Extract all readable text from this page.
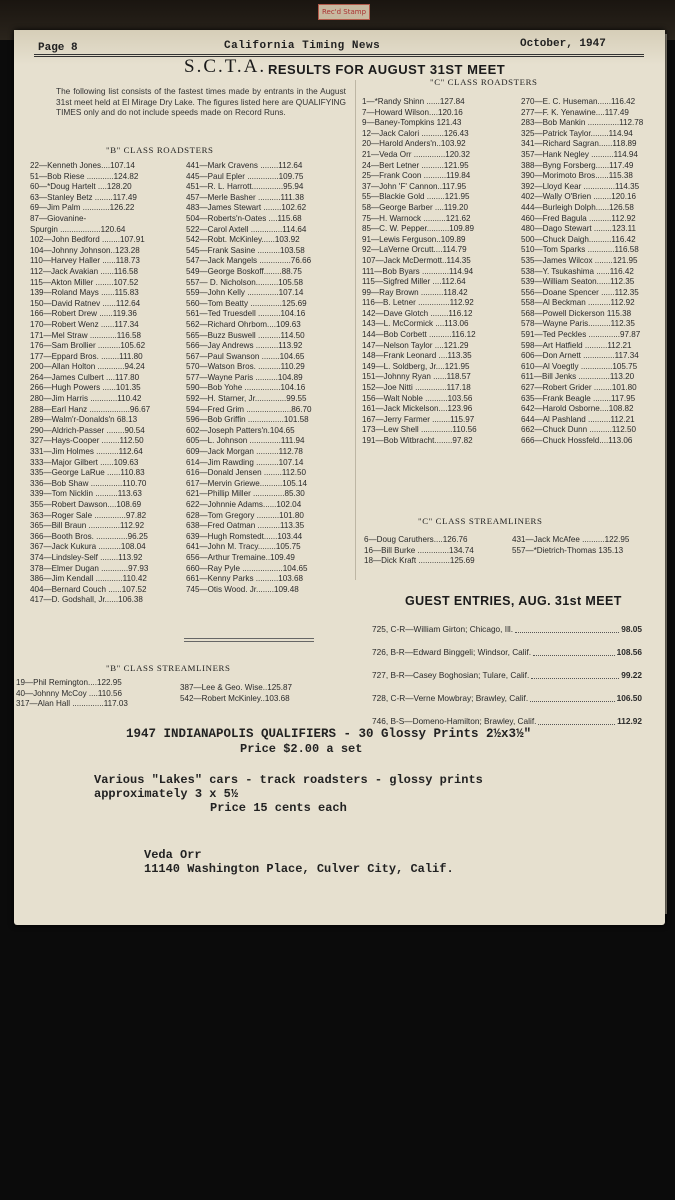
Rec'd Stamp
Page 8	California Timing News	October, 1947
S.C.T.A. RESULTS FOR AUGUST 31ST MEET
The following list consists of the fastest times made by entrants in the August 31st meet held at El Mirage Dry Lake. The figures listed here are QUALIFYING TIMES only and do not include speeds made on Record Runs.
"B" CLASS ROADSTERS
22—Kenneth Jones....107.14
51—Bob Riese ............124.82
60—*Doug Hartelt ....128.20
63—Stanley Betz ........117.49
69—Jim Palm ............126.22
87—Giovanine-
Spurgin ..................120.64
102—John Bedford ........107.91
104—Johnny Johnson..123.28
110—Harvey Haller ......118.73
112—Jack Avakian ......116.58
115—Akton Miller ........107.52
139—Roland Mays ......115.83
150—David Ratnev ......112.64
166—Robert Drew ......119.36
170—Robert Wenz ......117.34
171—Mel Straw ............116.58
176—Sam Brollier ..........105.62
177—Eppard Bros. ........111.80
200—Allan Holton ............94.24
264—James Culbert ....117.80
266—Hugh Powers ......101.35
280—Jim Harris ............110.42
288—Earl Hanz ..................96.67
289—Walm'r-Donalds'n 68.13
290—Aldrich-Passer ........90.54
327—Hays-Cooper ........112.50
331—Jim Holmes ..........112.64
333—Major Gilbert ......109.63
335—George LaRue ......110.83
336—Bob Shaw ..............110.70
339—Tom Nicklin ..........113.63
355—Robert Dawson....108.69
363—Roger Sale ..............97.82
365—Bill Braun ..............112.92
366—Booth Bros. ..............96.25
367—Jack Kukura ..........108.04
374—Lindsley-Self ........113.92
378—Elmer Dugan ............97.93
386—Jim Kendall ............110.42
404—Bernard Couch ......107.52
417—D. Godshall, Jr......106.38
441—Mark Cravens ........112.64
445—Paul Epler ..............109.75
451—R. L. Harrott..............95.94
457—Merle Basher ..........111.38
483—James Stewart ........102.62
504—Roberts'n-Oates ....115.68
522—Carol Axtell ..............114.64
542—Robt. McKinley......103.92
545—Frank Sasine ..........103.58
547—Jack Mangels ..............76.66
549—George Boskoff........88.75
557— D. Nicholson..........105.58
559—John Kelly ..............107.14
560—Tom Beatty ..............125.69
561—Ted Truesdell ..........104.16
562—Richard Ohrbom....109.63
565—Buzz Buswell ..........114.50
566—Jay Andrews ..........113.92
567—Paul Swanson ........104.65
570—Watson Bros. ..........110.29
577—Wayne Paris ..........104.89
590—Bob Yohe ................104.16
592—H. Starner, Jr..............99.55
594—Fred Grim ....................86.70
596—Bob Griffin ................101.58
602—Joseph Patters'n.104.65
605—L. Johnson ..............111.94
609—Jack Morgan ..........112.78
614—Jim Rawding ..........107.14
616—Donald Jensen ........112.50
617—Mervin Griewe..........105.14
621—Phillip Miller ..............85.30
622—Johnnie Adams......102.04
628—Tom Gregory ..........101.80
638—Fred Oatman ..........113.35
639—Hugh Romstedt......103.44
641—John M. Tracy........105.75
656—Arthur Tremaine..109.49
660—Ray Pyle ..................104.65
661—Kenny Parks ..........103.68
745—Otis Wood. Jr........109.48
"B" CLASS STREAMLINERS
19—Phil Remington....122.95
40—Johnny McCoy ....110.56
317—Alan Hall ..............117.03
387—Lee & Geo. Wise..125.87
542—Robert McKinley..103.68
"C" CLASS ROADSTERS
1—*Randy Shinn ......127.84
7—Howard Wilson....120.16
9—Baney-Tompkins 121.43
12—Jack Calori ..........126.43
20—Harold Anders'n..103.92
21—Veda Orr ..............120.32
24—Bert Letner ..........121.95
25—Frank Coon ..........119.84
37—John 'F' Cannon..117.95
55—Blackie Gold ........121.95
58—George Barber ....119.20
75—H. Warnock ..........121.62
85—C. W. Pepper..........109.89
91—Lewis Ferguson..109.89
92—LaVerne Orcutt....114.79
107—Jack McDermott..114.35
111—Bob Byars ............114.94
115—Sigfred Miller ....112.64
99—Ray Brown ..........118.42
116—B. Letner ..............112.92
142—Dave Glotch ........116.12
143—L. McCormick ....113.06
144—Bob Corbett ..........116.12
147—Nelson Taylor ....121.29
148—Frank Leonard ....113.35
149—L. Soldberg, Jr....121.95
151—Johnny Ryan ......118.57
152—Joe Nitti ..............117.18
156—Walt Noble ..........103.56
161—Jack Mickelson....123.96
167—Jerry Farmer ........115.97
173—Lew Shell ..............110.56
191—Bob Witbracht........97.82
270—E. C. Huseman......116.42
277—F. K. Yenawine....117.49
283—Bob Mankin ..............112.78
325—Patrick Taylor........114.94
341—Richard Sagran......118.89
357—Hank Negley ..........114.94
388—Byng Forsberg......117.49
390—Morimoto Bros......115.38
392—Lloyd Kear ..............114.35
402—Wally O'Brien ........120.16
444—Burleigh Dolph......126.58
460—Fred Bagula ..........112.92
480—Dago Stewart ........123.11
500—Chuck Daigh..........116.42
510—Tom Sparks ............116.58
535—James Wilcox ........121.95
538—Y. Tsukashima ......116.42
539—William Seaton......112.35
556—Doane Spencer ......112.35
558—Al Beckman ..........112.92
568—Powell Dickerson 115.38
578—Wayne Paris..........112.35
591—Ted Peckles ..............97.87
598—Art Hatfield ..........112.21
606—Don Arnett ..............117.34
610—Al Voegtly ..............105.75
611—Bill Jenks ..............113.20
627—Robert Grider ........101.80
635—Frank Beagle ........117.95
642—Harold Osborne....108.82
644—Al Pashland ..........112.21
662—Chuck Dunn ..........112.50
666—Chuck Hossfeld....113.06
"C" CLASS STREAMLINERS
6—Doug Caruthers....126.76
16—Bill Burke ..............134.74
18—Dick Kraft ..............125.69
431—Jack McAfee ..........122.95
557—*Dietrich-Thomas 135.13
GUEST ENTRIES, AUG. 31st MEET
725, C-R—William Girton; Chicago, Ill.	98.05
726, B-R—Edward Binggeli; Windsor, Calif.	108.56
727, B-R—Casey Boghosian; Tulare, Calif.	99.22
728, C-R—Verne Mowbray; Brawley, Calif.	106.50
746, B-S—Domeno-Hamilton; Brawley, Calif.	112.92
1947 INDIANAPOLIS QUALIFIERS - 30 Glossy Prints 2½x3½"
Price $2.00 a set
Various "Lakes" cars - track roadsters - glossy prints
approximately 3 x 5½
Price 15 cents each
Veda Orr
11140 Washington Place, Culver City, Calif.
